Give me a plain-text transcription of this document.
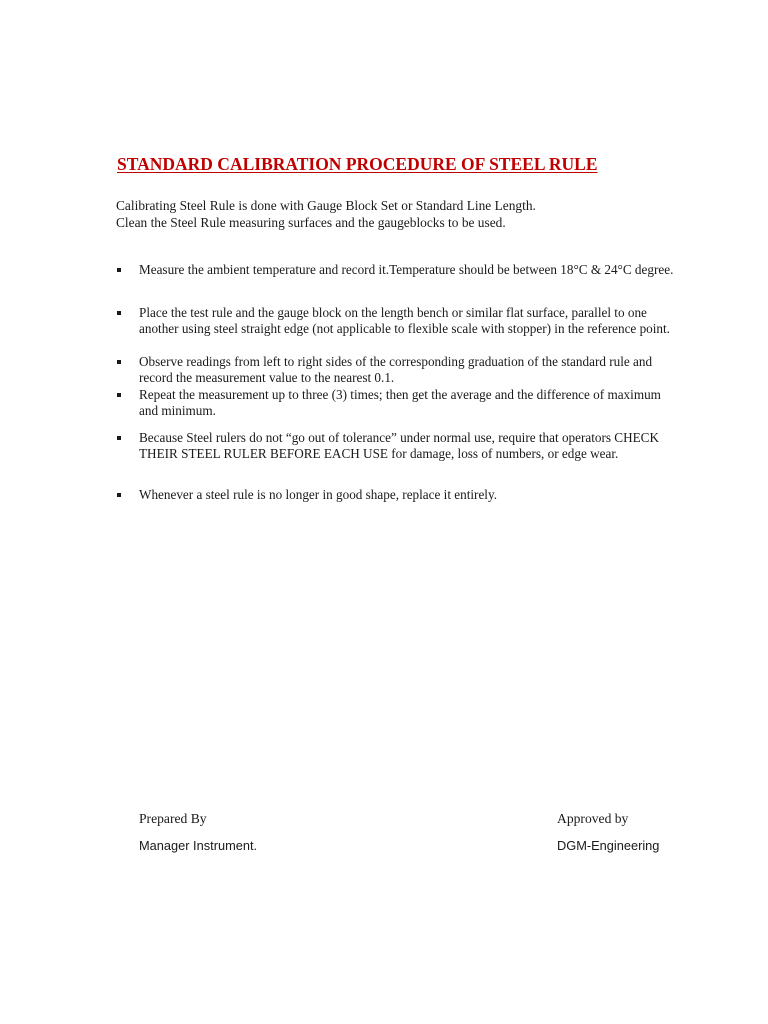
STANDARD CALIBRATION PROCEDURE OF STEEL RULE
Calibrating Steel Rule is done with Gauge Block Set or Standard Line Length.
Clean the Steel Rule measuring surfaces and the gaugeblocks to be used.
Measure the ambient temperature and record it.Temperature should be between 18°C & 24°C degree.
Place the test rule and the gauge block on the length bench or similar flat surface, parallel to one another using steel straight edge (not applicable to flexible scale with stopper) in the reference point.
Observe readings from left to right sides of the corresponding graduation of the standard rule and record the measurement value to the nearest 0.1.
Repeat the measurement up to three (3) times; then get the average and the difference of maximum and minimum.
Because Steel rulers do not “go out of tolerance” under normal use, require that operators CHECK THEIR STEEL RULER BEFORE EACH USE for damage, loss of numbers, or edge wear.
Whenever a steel rule is no longer in good shape, replace it entirely.
Prepared By
Manager Instrument.
Approved by
DGM-Engineering
